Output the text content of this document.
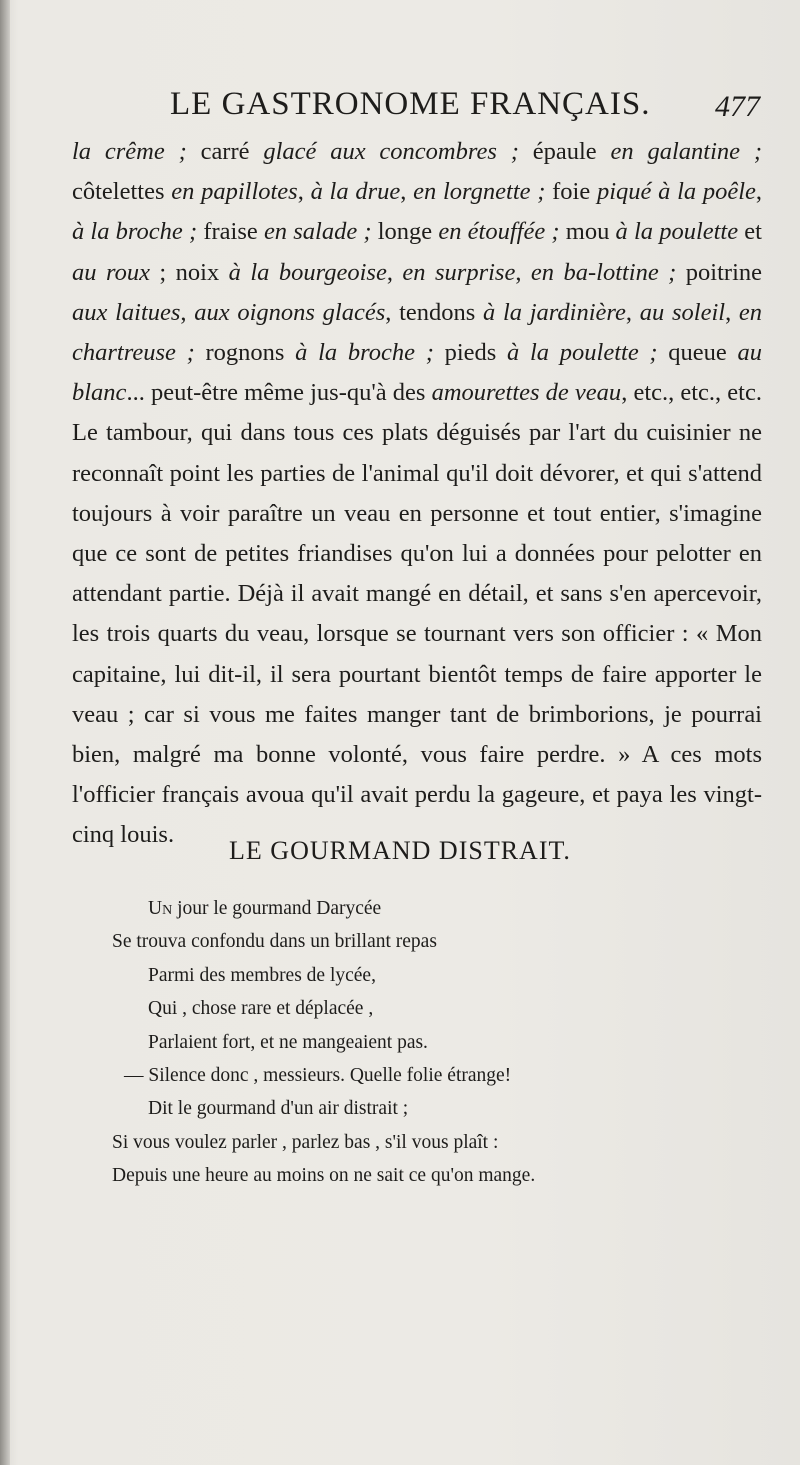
LE GASTRONOME FRANÇAIS. 477

la crême ; carré glacé aux concombres ; épaule en galantine ; côtelettes en papillotes, à la drue, en lorgnette ; foie piqué à la poêle, à la broche ; fraise en salade ; longe en étouffée ; mou à la poulette et au roux ; noix à la bourgeoise, en surprise, en ba-lottine ; poitrine aux laitues, aux oignons glacés, tendons à la jardinière, au soleil, en chartreuse ; rognons à la broche ; pieds à la poulette ; queue au blanc... peut-être même jus-qu'à des amourettes de veau, etc., etc., etc. Le tambour, qui dans tous ces plats déguisés par l'art du cuisinier ne reconnaît point les parties de l'animal qu'il doit dévorer, et qui s'attend toujours à voir paraître un veau en personne et tout entier, s'imagine que ce sont de petites friandises qu'on lui a données pour pelotter en attendant partie. Déjà il avait mangé en détail, et sans s'en apercevoir, les trois quarts du veau, lorsque se tournant vers son officier : « Mon capitaine, lui dit-il, il sera pourtant bientôt temps de faire apporter le veau ; car si vous me faites manger tant de brimborions, je pourrai bien, malgré ma bonne volonté, vous faire perdre. » A ces mots l'officier français avoua qu'il avait perdu la gageure, et paya les vingt-cinq louis.

LE GOURMAND DISTRAIT.
Un jour le gourmand Darycée
Se trouva confondu dans un brillant repas
Parmi des membres de lycée,
Qui , chose rare et déplacée ,
Parlaient fort, et ne mangeaient pas.
— Silence donc , messieurs. Quelle folie étrange!
Dit le gourmand d'un air distrait ;
Si vous voulez parler , parlez bas , s'il vous plaît :
Depuis une heure au moins on ne sait ce qu'on mange.
